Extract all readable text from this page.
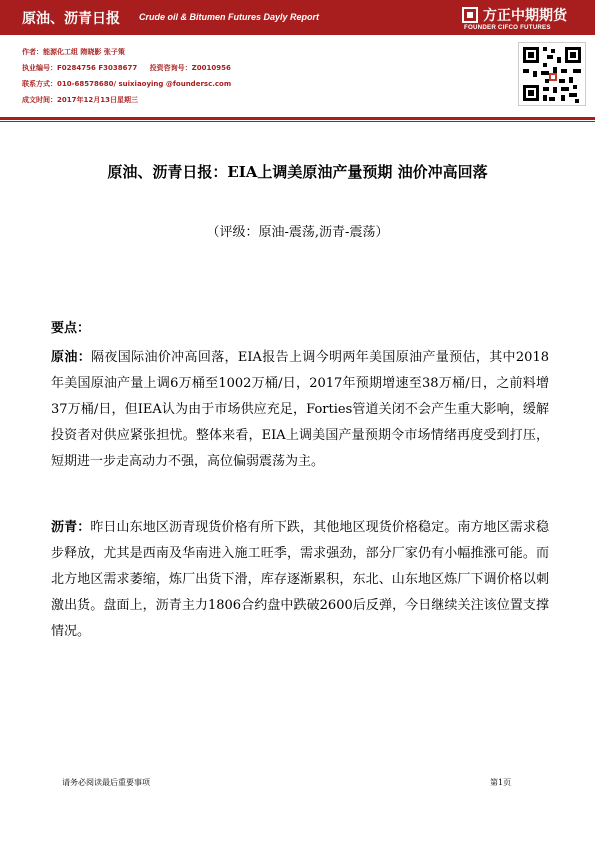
原油、沥青日报 Crude oil & Bitumen Futures Dayly Report	方正中期期货
FOUNDER CIFCO FUTURES
作者：能源化工组 隋晓影 张子策
执业编号：F0284756 F3038677 投资咨询号：Z0010956
联系方式：010-68578680/ suixiaoying @foundersc.com
成文时间：2017年12月13日星期三
原油、沥青日报：EIA上调美原油产量预期 油价冲高回落
（评级：原油-震荡,沥青-震荡）
要点：

原油：隔夜国际油价冲高回落，EIA报告上调今明两年美国原油产量预估，其中2018年美国原油产量上调6万桶至1002万桶/日，2017年预期增速至38万桶/日，之前料增37万桶/日，但IEA认为由于市场供应充足，Forties管道关闭不会产生重大影响，缓解投资者对供应紧张担忧。整体来看，EIA上调美国产量预期令市场情绪再度受到打压，短期进一步走高动力不强，高位偏弱震荡为主。

沥青：昨日山东地区沥青现货价格有所下跌，其他地区现货价格稳定。南方地区需求稳步释放，尤其是西南及华南进入施工旺季，需求强劲，部分厂家仍有小幅推涨可能。而北方地区需求萎缩，炼厂出货下滑，库存逐渐累积，东北、山东地区炼厂下调价格以刺激出货。盘面上，沥青主力1806合约盘中跌破2600后反弹，今日继续关注该位置支撑情况。

请务必阅读最后重要事项	第1页
